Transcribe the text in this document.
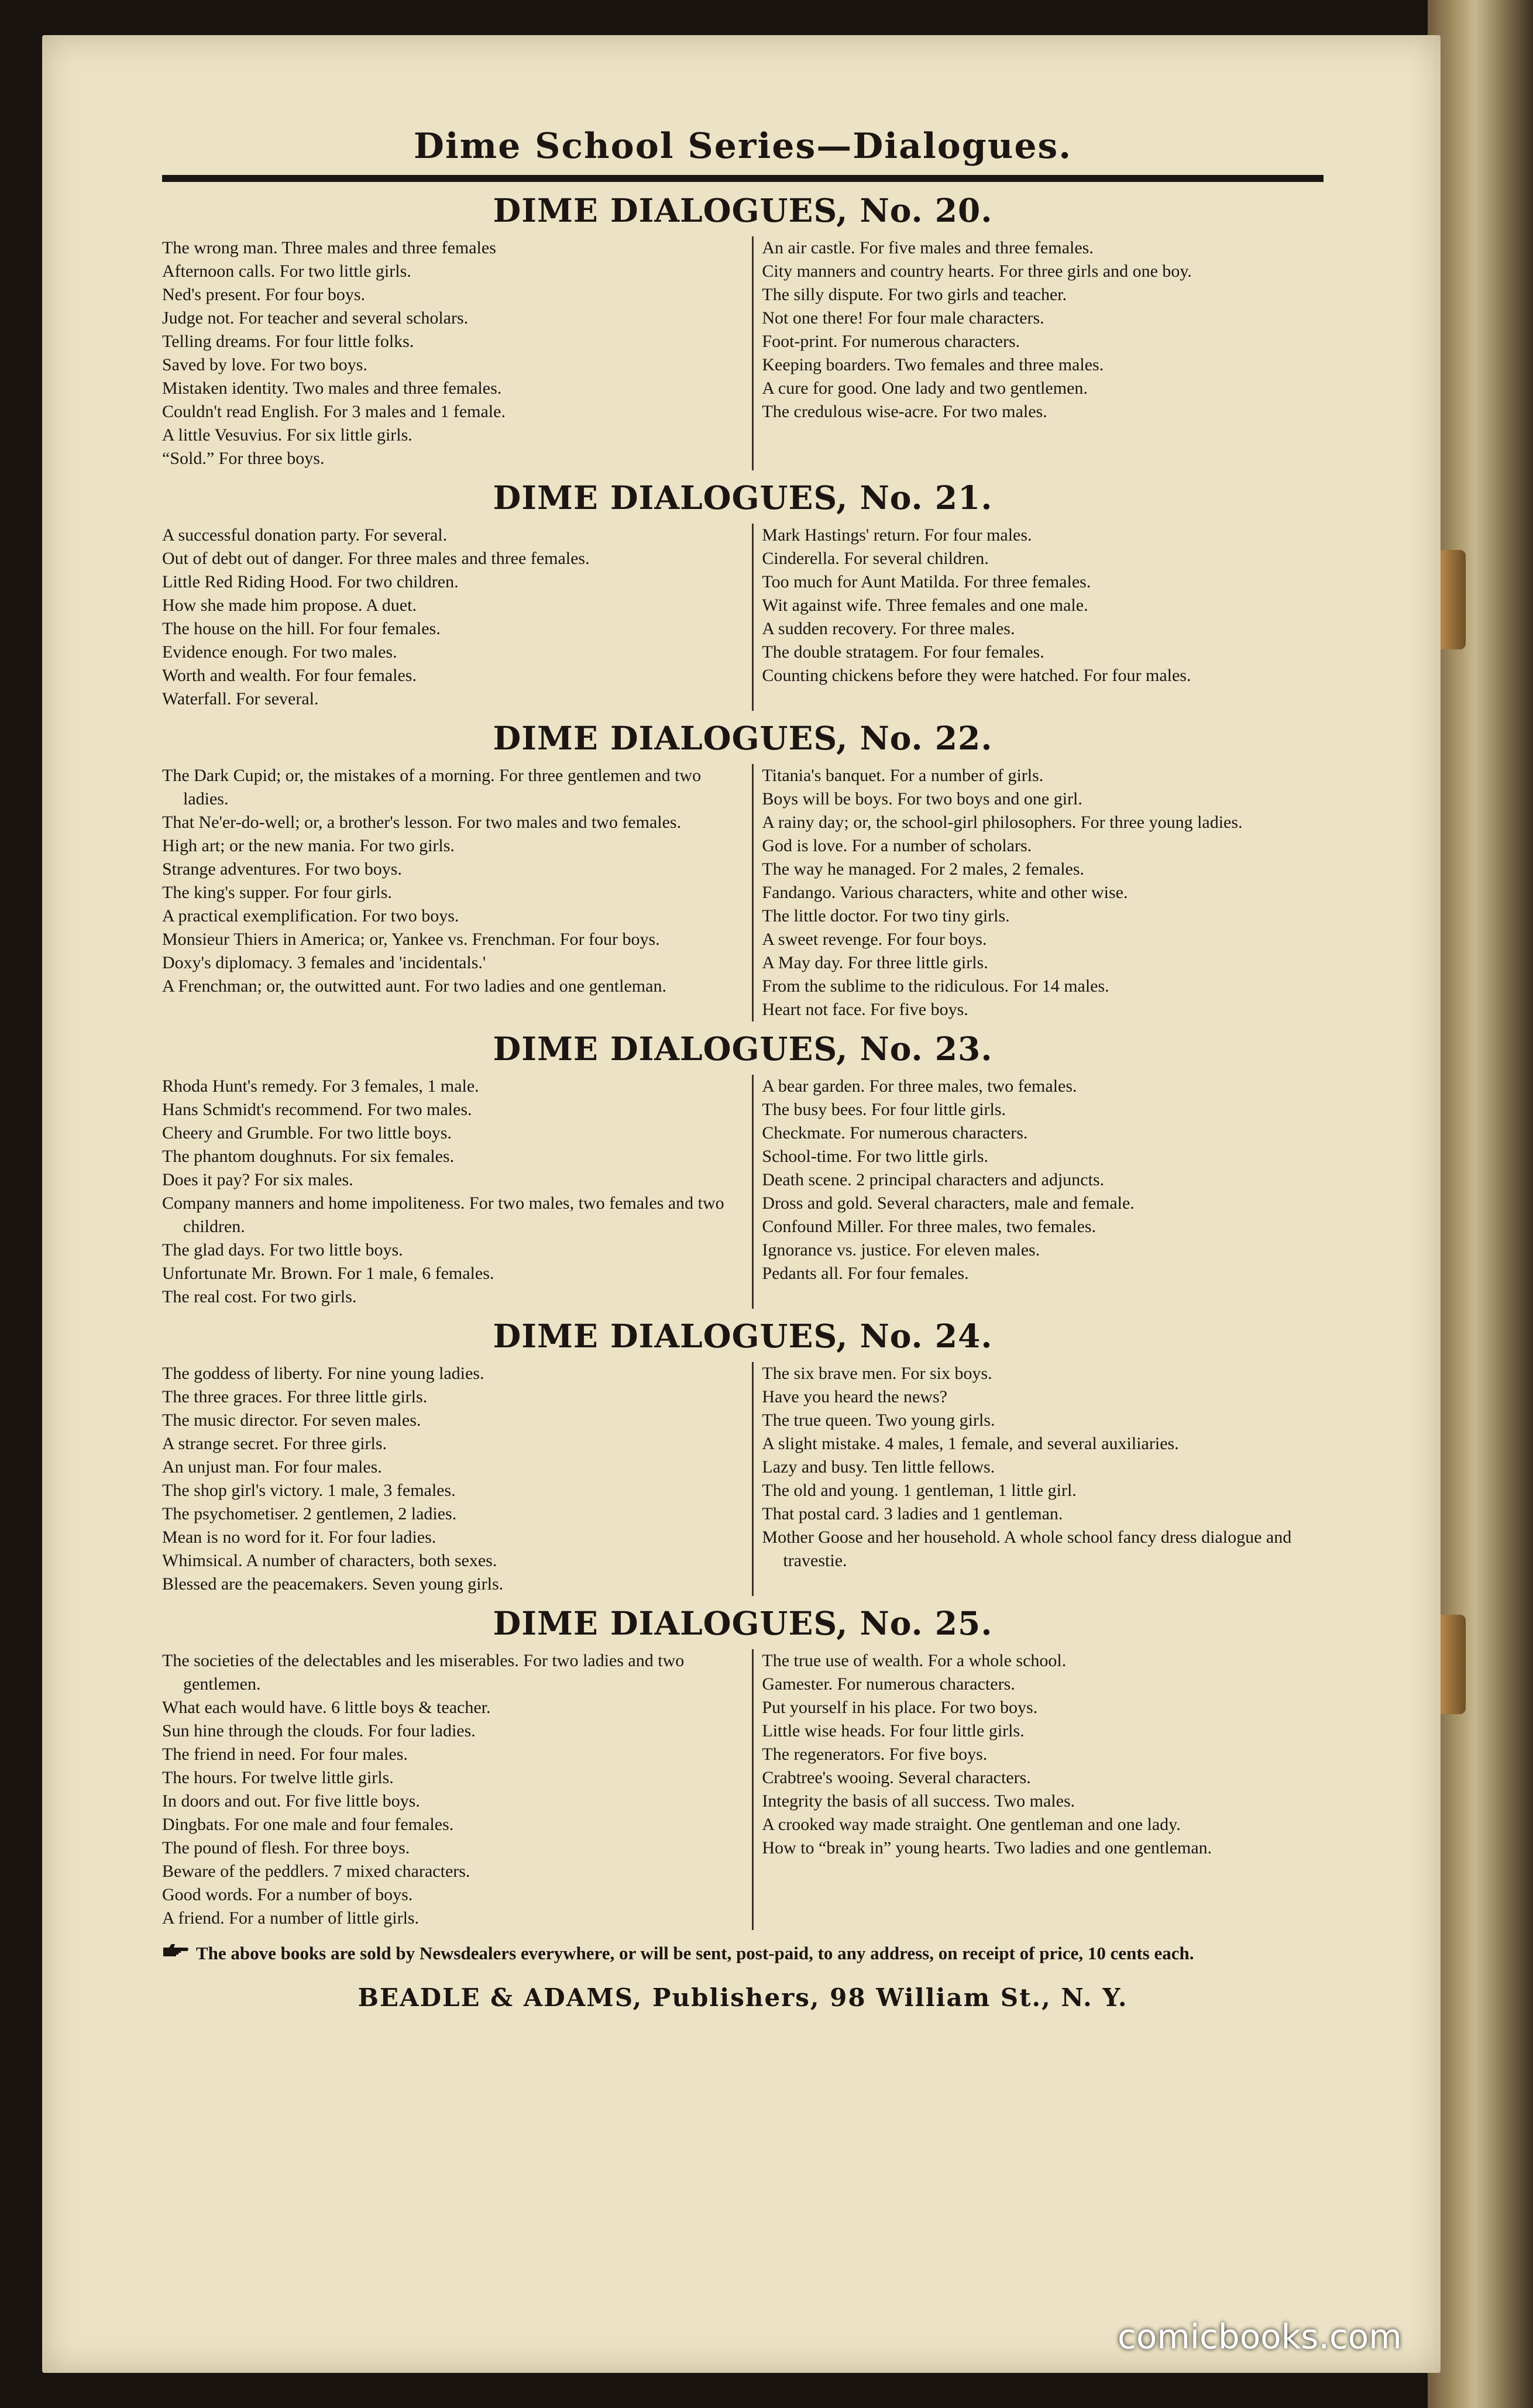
Dime School Series—Dialogues.
DIME DIALOGUES, No. 20.

The wrong man. Three males and three females

Afternoon calls. For two little girls.

Ned's present. For four boys.

Judge not. For teacher and several scholars.

Telling dreams. For four little folks.

Saved by love. For two boys.

Mistaken identity. Two males and three females.

Couldn't read English. For 3 males and 1 female.

A little Vesuvius. For six little girls.

“Sold.” For three boys.

An air castle. For five males and three females.

City manners and country hearts. For three girls and one boy.

The silly dispute. For two girls and teacher.

Not one there! For four male characters.

Foot-print. For numerous characters.

Keeping boarders. Two females and three males.

A cure for good. One lady and two gentlemen.

The credulous wise-acre. For two males.

DIME DIALOGUES, No. 21.

A successful donation party. For several.

Out of debt out of danger. For three males and three females.

Little Red Riding Hood. For two children.

How she made him propose. A duet.

The house on the hill. For four females.

Evidence enough. For two males.

Worth and wealth. For four females.

Waterfall. For several.

Mark Hastings' return. For four males.

Cinderella. For several children.

Too much for Aunt Matilda. For three females.

Wit against wife. Three females and one male.

A sudden recovery. For three males.

The double stratagem. For four females.

Counting chickens before they were hatched. For four males.

DIME DIALOGUES, No. 22.

The Dark Cupid; or, the mistakes of a morning. For three gentlemen and two ladies.

That Ne'er-do-well; or, a brother's lesson. For two males and two females.

High art; or the new mania. For two girls.

Strange adventures. For two boys.

The king's supper. For four girls.

A practical exemplification. For two boys.

Monsieur Thiers in America; or, Yankee vs. Frenchman. For four boys.

Doxy's diplomacy. 3 females and 'incidentals.'

A Frenchman; or, the outwitted aunt. For two ladies and one gentleman.

Titania's banquet. For a number of girls.

Boys will be boys. For two boys and one girl.

A rainy day; or, the school-girl philosophers. For three young ladies.

God is love. For a number of scholars.

The way he managed. For 2 males, 2 females.

Fandango. Various characters, white and other wise.

The little doctor. For two tiny girls.

A sweet revenge. For four boys.

A May day. For three little girls.

From the sublime to the ridiculous. For 14 males.

Heart not face. For five boys.

DIME DIALOGUES, No. 23.

Rhoda Hunt's remedy. For 3 females, 1 male.

Hans Schmidt's recommend. For two males.

Cheery and Grumble. For two little boys.

The phantom doughnuts. For six females.

Does it pay? For six males.

Company manners and home impoliteness. For two males, two females and two children.

The glad days. For two little boys.

Unfortunate Mr. Brown. For 1 male, 6 females.

The real cost. For two girls.

A bear garden. For three males, two females.

The busy bees. For four little girls.

Checkmate. For numerous characters.

School-time. For two little girls.

Death scene. 2 principal characters and adjuncts.

Dross and gold. Several characters, male and female.

Confound Miller. For three males, two females.

Ignorance vs. justice. For eleven males.

Pedants all. For four females.

DIME DIALOGUES, No. 24.

The goddess of liberty. For nine young ladies.

The three graces. For three little girls.

The music director. For seven males.

A strange secret. For three girls.

An unjust man. For four males.

The shop girl's victory. 1 male, 3 females.

The psychometiser. 2 gentlemen, 2 ladies.

Mean is no word for it. For four ladies.

Whimsical. A number of characters, both sexes.

Blessed are the peacemakers. Seven young girls.

The six brave men. For six boys.

Have you heard the news?

The true queen. Two young girls.

A slight mistake. 4 males, 1 female, and several auxiliaries.

Lazy and busy. Ten little fellows.

The old and young. 1 gentleman, 1 little girl.

That postal card. 3 ladies and 1 gentleman.

Mother Goose and her household. A whole school fancy dress dialogue and travestie.

DIME DIALOGUES, No. 25.

The societies of the delectables and les miserables. For two ladies and two gentlemen.

What each would have. 6 little boys & teacher.

Sun hine through the clouds. For four ladies.

The friend in need. For four males.

The hours. For twelve little girls.

In doors and out. For five little boys.

Dingbats. For one male and four females.

The pound of flesh. For three boys.

Beware of the peddlers. 7 mixed characters.

Good words. For a number of boys.

A friend. For a number of little girls.

The true use of wealth. For a whole school.

Gamester. For numerous characters.

Put yourself in his place. For two boys.

Little wise heads. For four little girls.

The regenerators. For five boys.

Crabtree's wooing. Several characters.

Integrity the basis of all success. Two males.

A crooked way made straight. One gentleman and one lady.

How to “break in” young hearts. Two ladies and one gentleman.

The above books are sold by Newsdealers everywhere, or will be sent, post-paid, to any address, on receipt of price, 10 cents each.

BEADLE & ADAMS, Publishers, 98 William St., N. Y.
comicbooks.com
